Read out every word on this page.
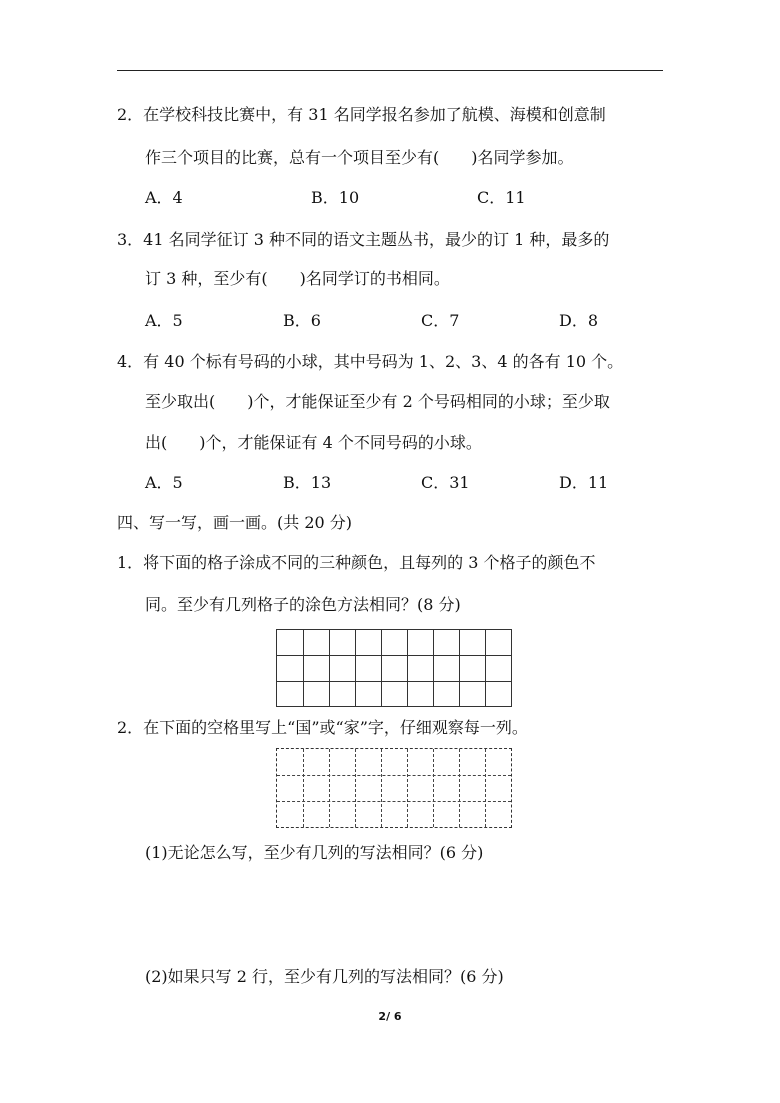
2．在学校科技比赛中，有 31 名同学报名参加了航模、海模和创意制
作三个项目的比赛，总有一个项目至少有(　　)名同学参加。
A．4	B．10	C．11
3．41 名同学征订 3 种不同的语文主题丛书，最少的订 1 种，最多的
订 3 种，至少有(　　)名同学订的书相同。
A．5	B．6	C．7	D．8
4．有 40 个标有号码的小球，其中号码为 1、2、3、4 的各有 10 个。
至少取出(　　)个，才能保证至少有 2 个号码相同的小球；至少取
出(　　)个，才能保证有 4 个不同号码的小球。
A．5	B．13	C．31	D．11
四、写一写，画一画。(共 20 分)
1．将下面的格子涂成不同的三种颜色，且每列的 3 个格子的颜色不
同。至少有几列格子的涂色方法相同？(8 分)
2．在下面的空格里写上“国”或“家”字，仔细观察每一列。
(1)无论怎么写，至少有几列的写法相同？(6 分)
(2)如果只写 2 行，至少有几列的写法相同？(6 分)
2/ 6
